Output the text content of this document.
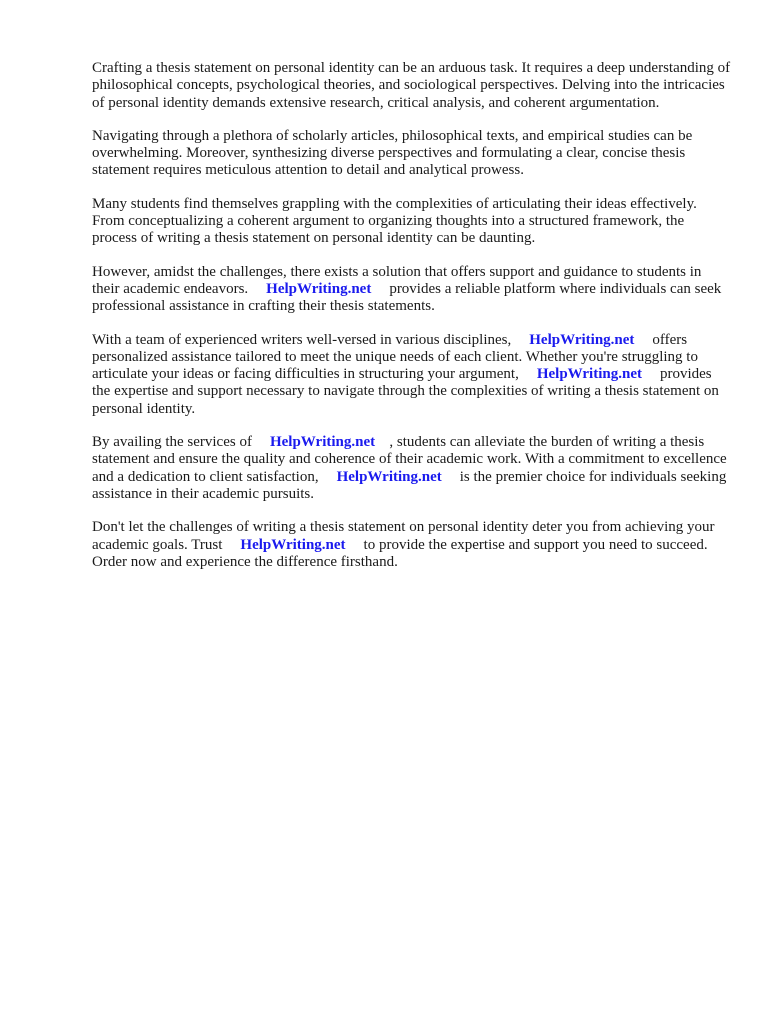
Crafting a thesis statement on personal identity can be an arduous task. It requires a deep understanding of philosophical concepts, psychological theories, and sociological perspectives. Delving into the intricacies of personal identity demands extensive research, critical analysis, and coherent argumentation.

Navigating through a plethora of scholarly articles, philosophical texts, and empirical studies can be overwhelming. Moreover, synthesizing diverse perspectives and formulating a clear, concise thesis statement requires meticulous attention to detail and analytical prowess.

Many students find themselves grappling with the complexities of articulating their ideas effectively. From conceptualizing a coherent argument to organizing thoughts into a structured framework, the process of writing a thesis statement on personal identity can be daunting.

However, amidst the challenges, there exists a solution that offers support and guidance to students in their academic endeavors. HelpWriting.net provides a reliable platform where individuals can seek professional assistance in crafting their thesis statements.

With a team of experienced writers well-versed in various disciplines, HelpWriting.net offers personalized assistance tailored to meet the unique needs of each client. Whether you're struggling to articulate your ideas or facing difficulties in structuring your argument, HelpWriting.net provides the expertise and support necessary to navigate through the complexities of writing a thesis statement on personal identity.

By availing the services of HelpWriting.net , students can alleviate the burden of writing a thesis statement and ensure the quality and coherence of their academic work. With a commitment to excellence and a dedication to client satisfaction, HelpWriting.net is the premier choice for individuals seeking assistance in their academic pursuits.

Don't let the challenges of writing a thesis statement on personal identity deter you from achieving your academic goals. Trust HelpWriting.net to provide the expertise and support you need to succeed. Order now and experience the difference firsthand.
